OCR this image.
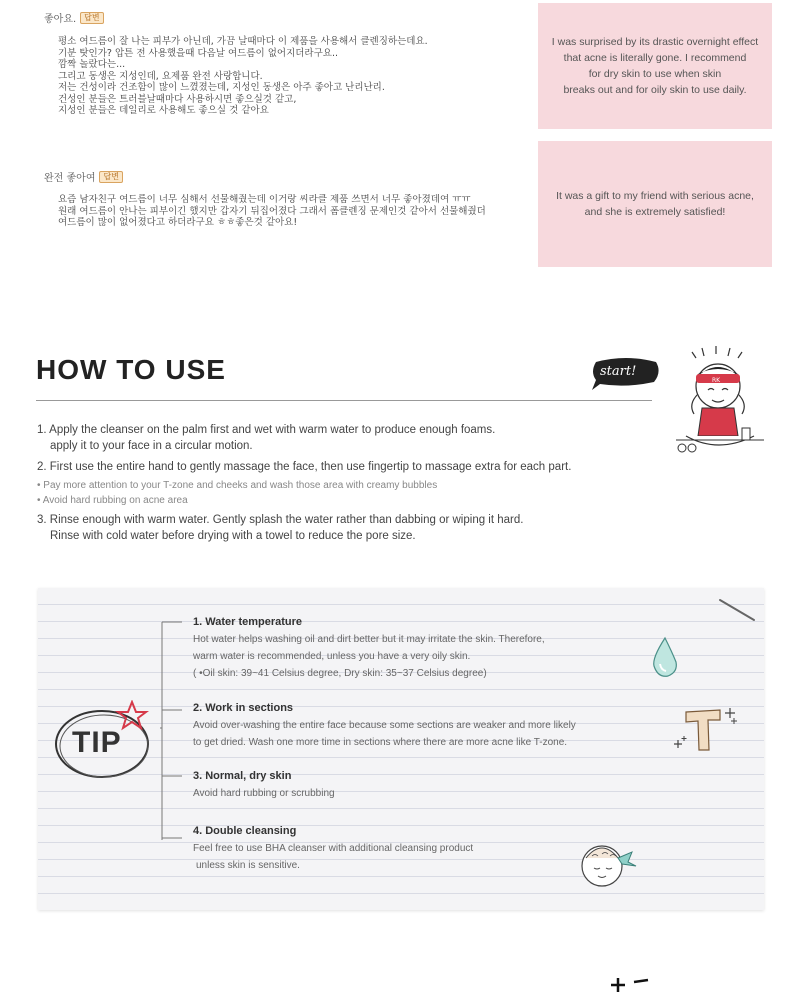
좋아요.	답변
평소 여드름이 잘 나는 피부가 아닌데, 가끔 날때마다 이 제품을 사용해서 클렌징하는데요.
기분 탓인가? 압튼 전 사용했을때 다음날 여드름이 없어지더라구요..
깜짝 놀랐다는...
그리고 동생은 지성인데, 요제품 완전 사랑합니다.
저는 건성이라 건조함이 많이 느꼈졌는데, 지성인 동생은 아주 좋아고 난리난리.
건성인 분들은 트러블날때마다 사용하시면 좋으실것 같고,
지성인 분들은 데일리로 사용해도 좋으실 것 같아요
I was surprised by its drastic overnight effect
that acne is literally gone. I recommend
for dry skin to use when skin
breaks out and for oily skin to use daily.
완전 좋아여	답변
요즘 남자친구 여드름이 너무 심해서 선물해줬는데 이거랑 씨라클 제품 쓰면서 너무 좋아졌데여 ㅠㅠ
원래 여드름이 안나는 피부이긴 했지만 갑자기 뒤집어졌다 그래서 폼클렌징 문제인것 같아서 선물해줬더
여드름이 많이 없어졌다고 하더라구요 ㅎㅎ좋은것 같아요!
It was a gift to my friend with serious acne,
and she is extremely satisfied!
HOW TO USE	start!
RK
1. Apply the cleanser on the palm first and wet with warm water to produce enough foams.
apply it to your face in a circular motion.
2. First use the entire hand to gently massage the face, then use fingertip to massage extra for each part.
• Pay more attention to your T-zone and cheeks and wash those area with creamy bubbles
• Avoid hard rubbing on acne area
3. Rinse enough with warm water. Gently splash the water rather than dabbing or wiping it hard.
Rinse with cold water before drying with a towel to reduce the pore size.
TIP
1. Water temperature
Hot water helps washing oil and dirt better but it may irritate the skin. Therefore,
warm water is recommended, unless you have a very oily skin.
( •Oil skin: 39~41 Celsius degree, Dry skin: 35~37 Celsius degree)
2. Work in sections
Avoid over-washing the entire face because some sections are weaker and more likely
to get dried. Wash one more time in sections where there are more acne like T-zone.
3. Normal, dry skin
Avoid hard rubbing or scrubbing
4. Double cleansing
Feel free to use BHA cleanser with additional cleansing product
unless skin is sensitive.
